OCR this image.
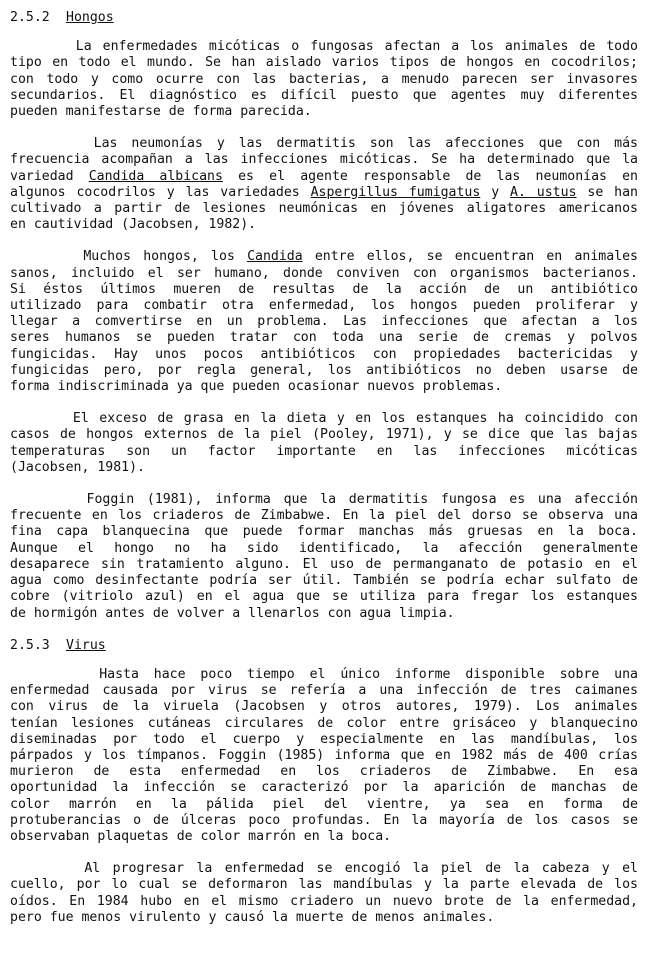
2.5.2 Hongos
La enfermedades micóticas o fungosas afectan a los animales de todo
tipo en todo el mundo. Se han aislado varios tipos de hongos en cocodrilos;
con todo y como ocurre con las bacterias, a menudo parecen ser invasores
secundarios. El diagnóstico es difícil puesto que agentes muy diferentes
pueden manifestarse de forma parecida.
Las neumonías y las dermatitis son las afecciones que con más
frecuencia acompañan a las infecciones micóticas. Se ha determinado que la
variedad Candida albicans es el agente responsable de las neumonías en
algunos cocodrilos y las variedades Aspergillus fumigatus y A. ustus se han
cultivado a partir de lesiones neumónicas en jóvenes aligatores americanos
en cautividad (Jacobsen, 1982).
Muchos hongos, los Candida entre ellos, se encuentran en animales
sanos, incluido el ser humano, donde conviven con organismos bacterianos.
Si éstos últimos mueren de resultas de la acción de un antibiótico
utilizado para combatir otra enfermedad, los hongos pueden proliferar y
llegar a comvertirse en un problema. Las infecciones que afectan a los
seres humanos se pueden tratar con toda una serie de cremas y polvos
fungicidas. Hay unos pocos antibióticos con propiedades bactericidas y
fungicidas pero, por regla general, los antibióticos no deben usarse de
forma indiscriminada ya que pueden ocasionar nuevos problemas.
El exceso de grasa en la dieta y en los estanques ha coincidido con
casos de hongos externos de la piel (Pooley, 1971), y se dice que las bajas
temperaturas son un factor importante en las infecciones micóticas
(Jacobsen, 1981).
Foggin (1981), informa que la dermatitis fungosa es una afección
frecuente en los criaderos de Zimbabwe. En la piel del dorso se observa una
fina capa blanquecina que puede formar manchas más gruesas en la boca.
Aunque el hongo no ha sido identificado, la afección generalmente
desaparece sin tratamiento alguno. El uso de permanganato de potasio en el
agua como desinfectante podría ser útil. También se podría echar sulfato de
cobre (vitriolo azul) en el agua que se utiliza para fregar los estanques
de hormigón antes de volver a llenarlos con agua limpia.
2.5.3 Virus
Hasta hace poco tiempo el único informe disponible sobre una
enfermedad causada por virus se refería a una infección de tres caimanes
con virus de la viruela (Jacobsen y otros autores, 1979). Los animales
tenían lesiones cutáneas circulares de color entre grisáceo y blanquecino
diseminadas por todo el cuerpo y especialmente en las mandíbulas, los
párpados y los tímpanos. Foggin (1985) informa que en 1982 más de 400 crías
murieron de esta enfermedad en los criaderos de Zimbabwe. En esa
oportunidad la infección se caracterizó por la aparición de manchas de
color marrón en la pálida piel del vientre, ya sea en forma de
protuberancias o de úlceras poco profundas. En la mayoría de los casos se
observaban plaquetas de color marrón en la boca.
Al progresar la enfermedad se encogió la piel de la cabeza y el
cuello, por lo cual se deformaron las mandíbulas y la parte elevada de los
oídos. En 1984 hubo en el mismo criadero un nuevo brote de la enfermedad,
pero fue menos virulento y causó la muerte de menos animales.
